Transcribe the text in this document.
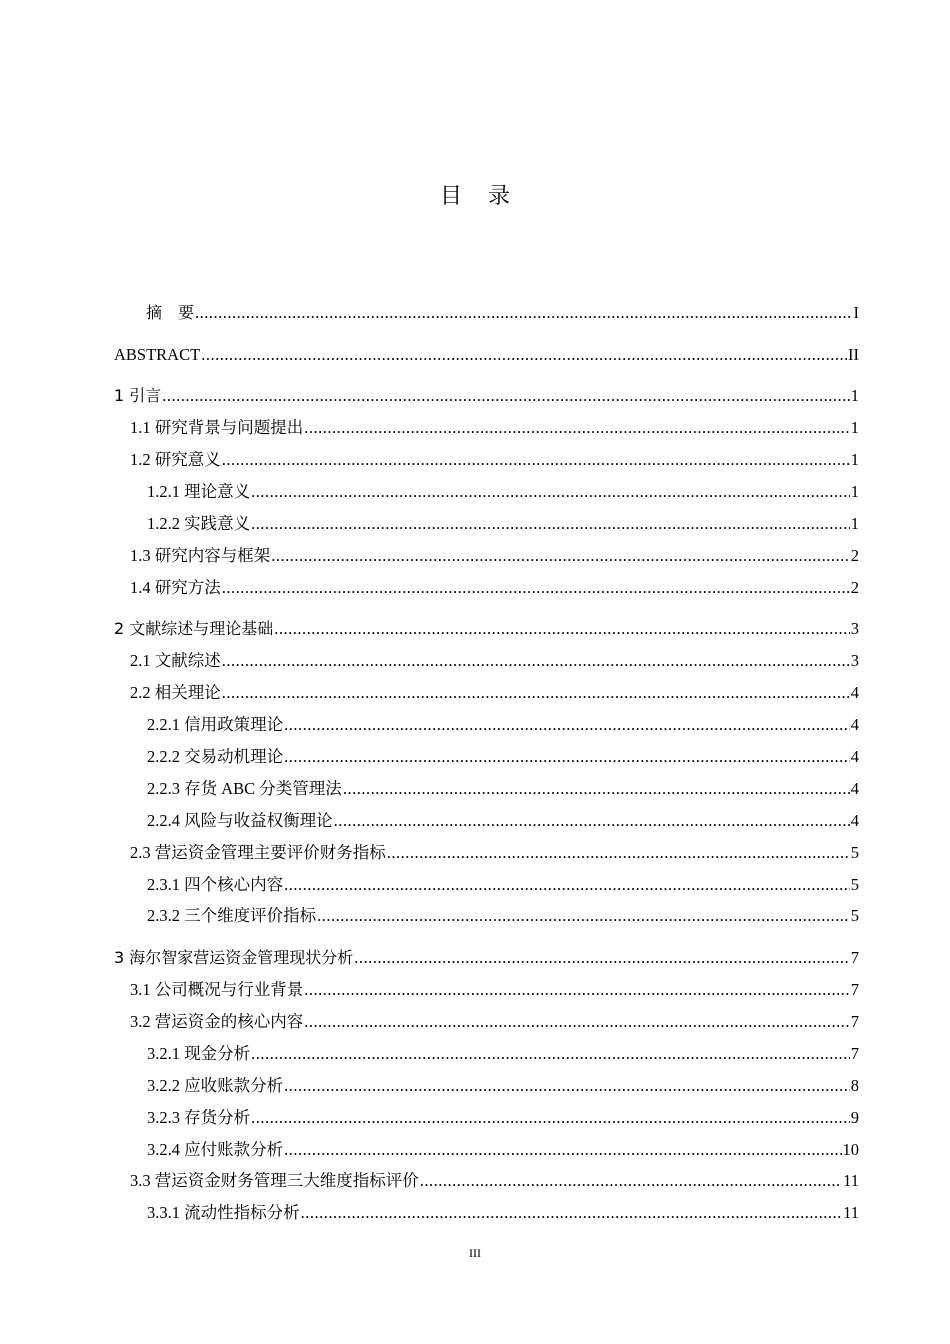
目 录
摘　要 .....	I
ABSTRACT .....	II
1 引言 .....	1
1.1 研究背景与问题提出 .....	1
1.2 研究意义 .....	1
1.2.1 理论意义 .....	1
1.2.2 实践意义 .....	1
1.3 研究内容与框架 .....	2
1.4 研究方法 .....	2
2 文献综述与理论基础 .....	3
2.1 文献综述 .....	3
2.2 相关理论 .....	4
2.2.1 信用政策理论 .....	4
2.2.2 交易动机理论 .....	4
2.2.3 存货 ABC 分类管理法 .....	4
2.2.4 风险与收益权衡理论 .....	4
2.3 营运资金管理主要评价财务指标 .....	5
2.3.1 四个核心内容 .....	5
2.3.2 三个维度评价指标 .....	5
3 海尔智家营运资金管理现状分析 .....	7
3.1 公司概况与行业背景 .....	7
3.2 营运资金的核心内容 .....	7
3.2.1 现金分析 .....	7
3.2.2 应收账款分析 .....	8
3.2.3 存货分析 .....	9
3.2.4 应付账款分析 .....	10
3.3 营运资金财务管理三大维度指标评价 .....	11
3.3.1 流动性指标分析 .....	11
III
